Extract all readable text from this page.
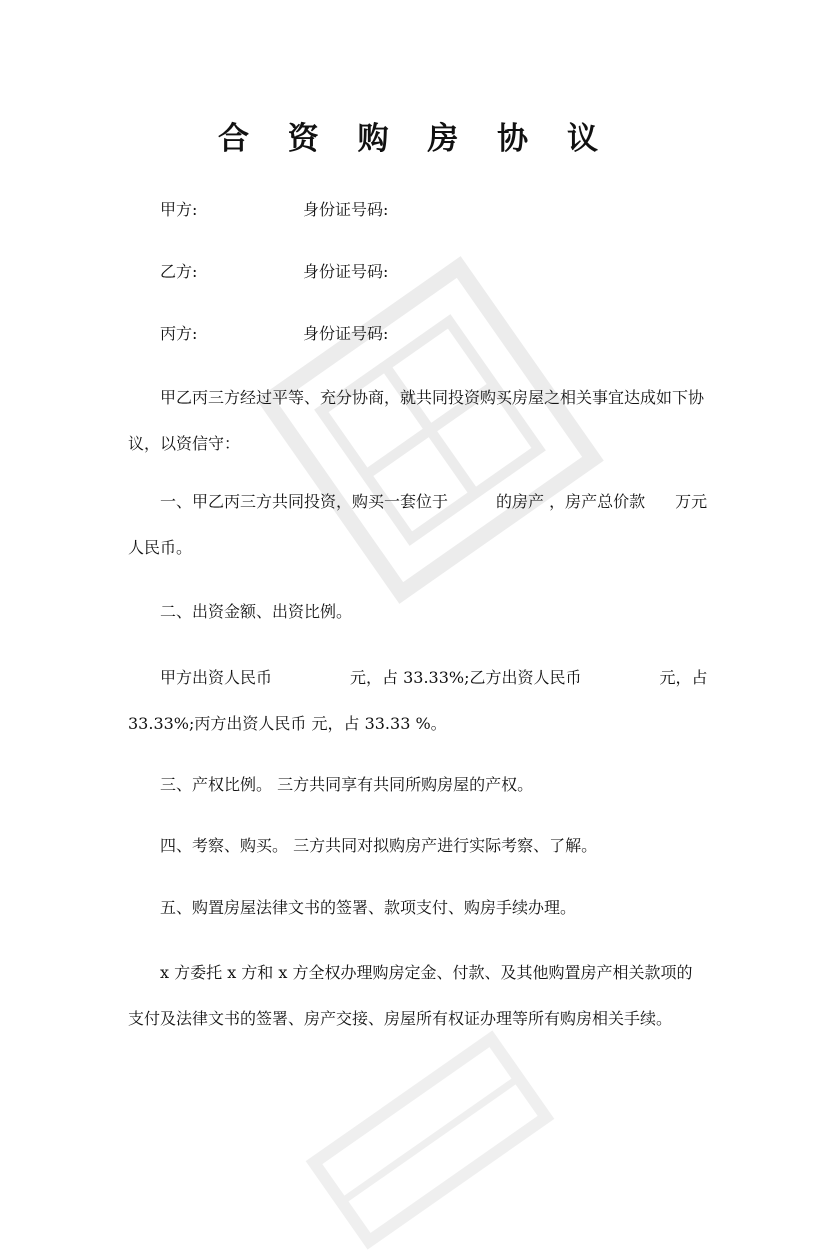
合 资 购 房 协 议
甲方:	身份证号码:
乙方:	身份证号码:
丙方:	身份证号码:
甲乙丙三方经过平等、充分协商，就共同投资购买房屋之相关事宜达成如下协议，以资信守：
一、甲乙丙三方共同投资，购买一套位于	的房产 ，房产总价款 万元人民币。
二、出资金额、出资比例。
甲方出资人民币	元，占 33.33%;乙方出资人民币	元，占 33.33%;丙方出资人民币 元，占 33.33 %。
三、产权比例。 三方共同享有共同所购房屋的产权。
四、考察、购买。 三方共同对拟购房产进行实际考察、了解。
五、购置房屋法律文书的签署、款项支付、购房手续办理。
x 方委托 x 方和 x 方全权办理购房定金、付款、及其他购置房产相关款项的支付及法律文书的签署、房产交接、房屋所有权证办理等所有购房相关手续。
